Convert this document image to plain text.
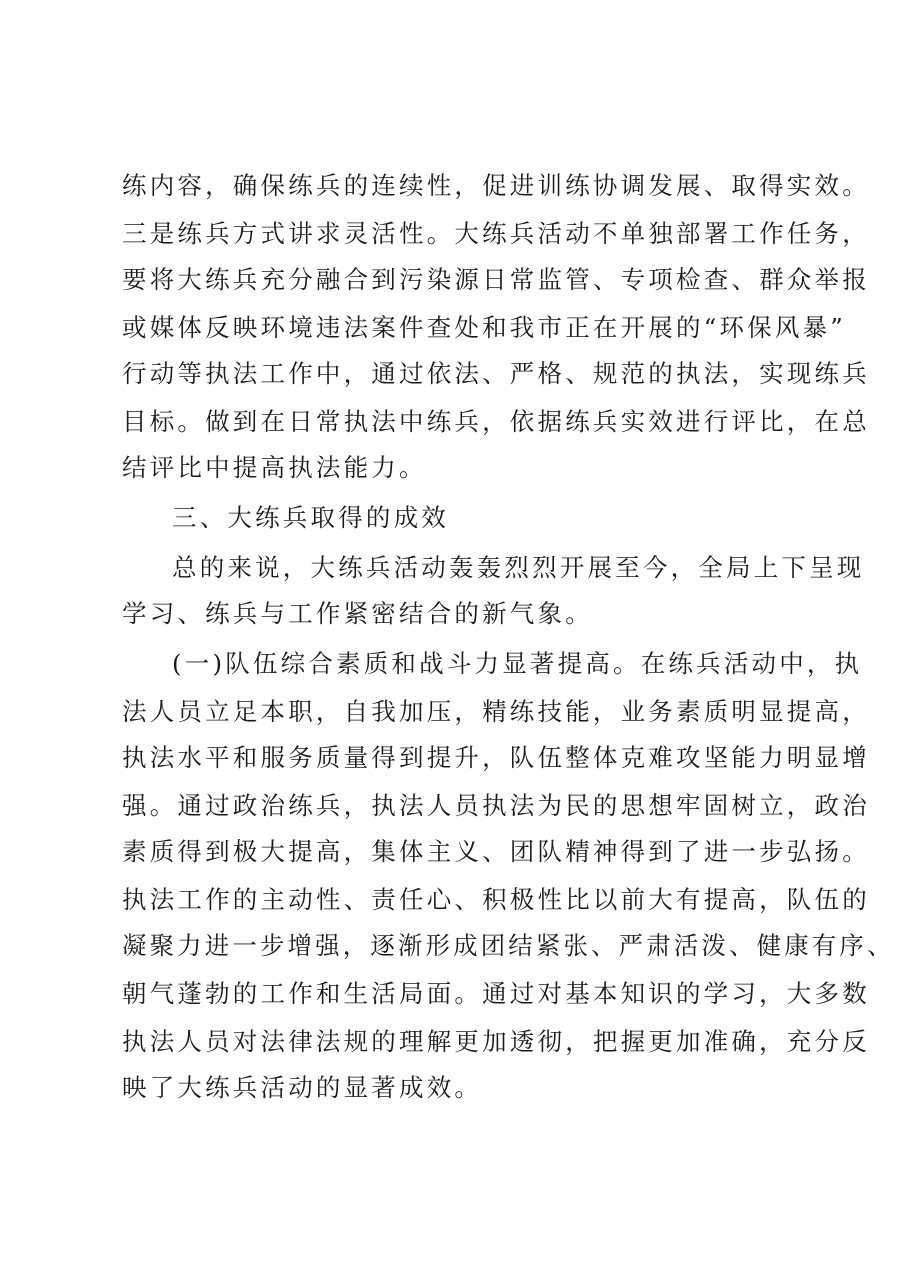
练内容，确保练兵的连续性，促进训练协调发展、取得实效。
三是练兵方式讲求灵活性。大练兵活动不单独部署工作任务，
要将大练兵充分融合到污染源日常监管、专项检查、群众举报
或媒体反映环境违法案件查处和我市正在开展的“环保风暴”
行动等执法工作中，通过依法、严格、规范的执法，实现练兵
目标。做到在日常执法中练兵，依据练兵实效进行评比，在总
结评比中提高执法能力。
三、大练兵取得的成效
总的来说，大练兵活动轰轰烈烈开展至今，全局上下呈现
学习、练兵与工作紧密结合的新气象。
(一)队伍综合素质和战斗力显著提高。在练兵活动中，执
法人员立足本职，自我加压，精练技能，业务素质明显提高，
执法水平和服务质量得到提升，队伍整体克难攻坚能力明显增
强。通过政治练兵，执法人员执法为民的思想牢固树立，政治
素质得到极大提高，集体主义、团队精神得到了进一步弘扬。
执法工作的主动性、责任心、积极性比以前大有提高，队伍的
凝聚力进一步增强，逐渐形成团结紧张、严肃活泼、健康有序、
朝气蓬勃的工作和生活局面。通过对基本知识的学习，大多数
执法人员对法律法规的理解更加透彻，把握更加准确，充分反
映了大练兵活动的显著成效。
